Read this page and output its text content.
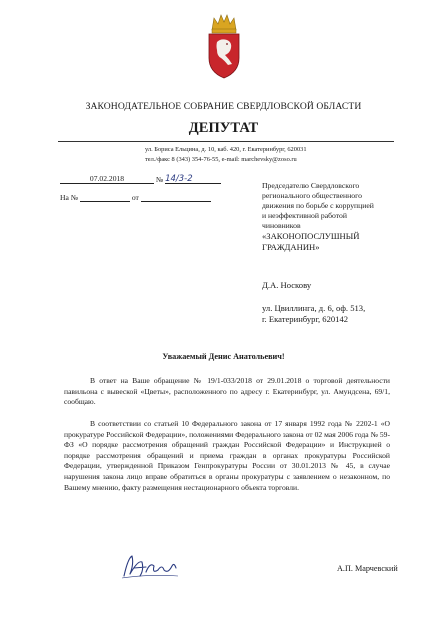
ЗАКОНОДАТЕЛЬНОЕ СОБРАНИЕ СВЕРДЛОВСКОЙ ОБЛАСТИ
ДЕПУТАТ
ул. Бориса Ельцина, д. 10, каб. 420, г. Екатеринбург, 620031
тел./факс 8 (343) 354-76-55, e-mail: marchevsky@zoso.ru
07.02.2018	№ 14/3-2
На №	от
Председателю Свердловского
регионального общественного
движения по борьбе с коррупцией
и неэффективной работой
чиновников
«ЗАКОНОПОСЛУШНЫЙ
ГРАЖДАНИН»
Д.А. Носкову
ул. Цвиллинга, д. 6, оф. 513,
г. Екатеринбург, 620142
Уважаемый Денис Анатольевич!

В ответ на Ваше обращение № 19/1-033/2018 от 29.01.2018 о торговой деятельности павильона с вывеской «Цветы», расположенного по адресу г. Екатеринбург, ул. Амундсена, 69/1, сообщаю.

В соответствии со статьей 10 Федерального закона от 17 января 1992 года № 2202-1 «О прокуратуре Российской Федерации», положениями Федерального закона от 02 мая 2006 года № 59-ФЗ «О порядке рассмотрения обращений граждан Российской Федерации» и Инструкцией о порядке рассмотрения обращений и приема граждан в органах прокуратуры Российской Федерации, утвержденной Приказом Генпрокуратуры России от 30.01.2013 № 45, в случае нарушения закона лицо вправе обратиться в органы прокуратуры с заявлением о незаконном, по Вашему мнению, факту размещения нестационарного объекта торговли.

А.П. Марчевский
